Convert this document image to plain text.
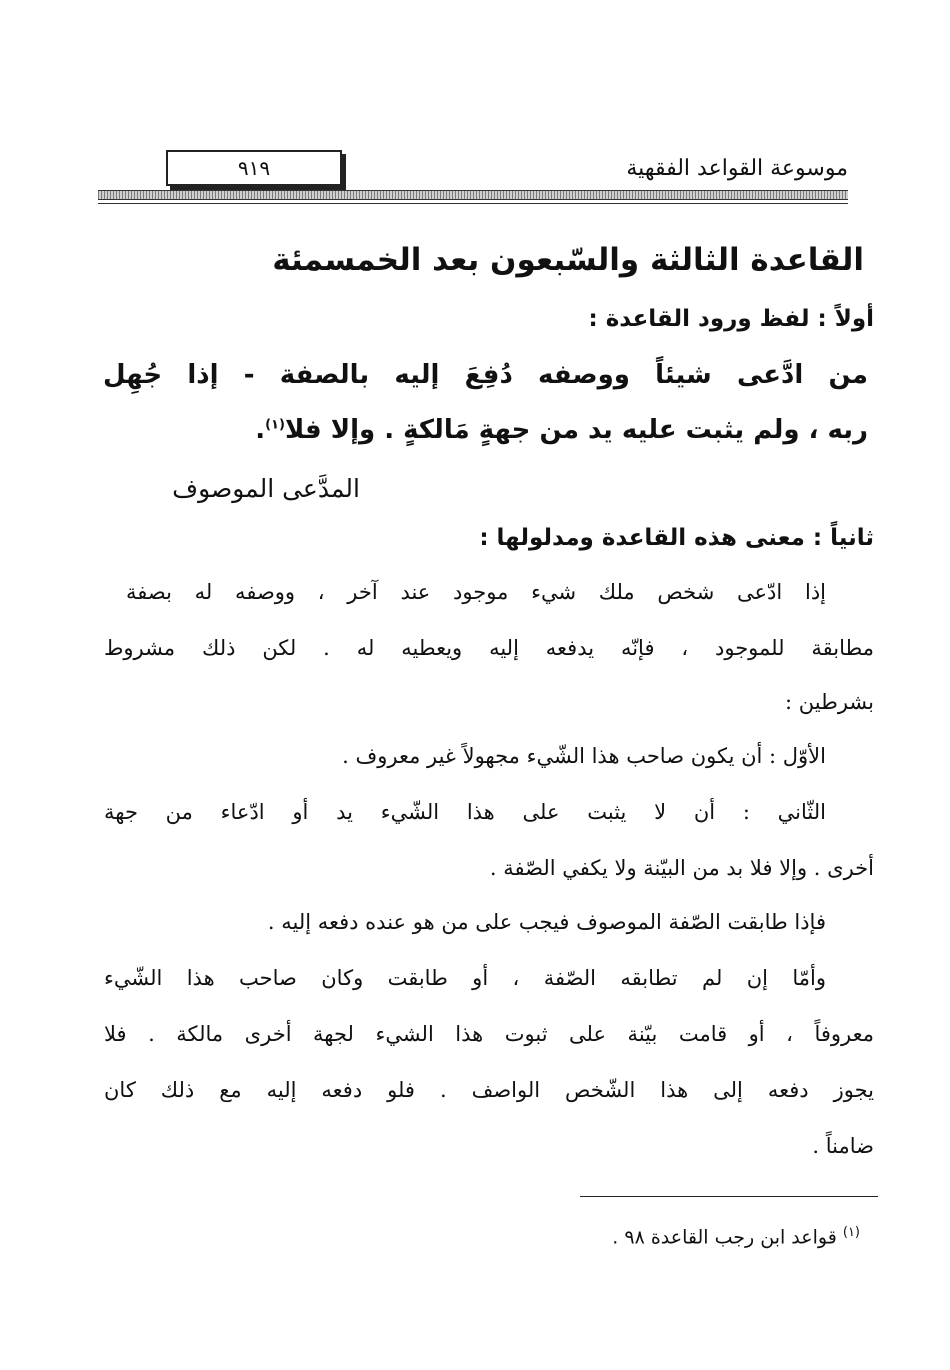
موسوعة القواعد الفقهية
٩١٩
القاعدة الثالثة والسّبعون بعد الخمسمئة
أولاً : لفظ ورود القاعدة :
من ادَّعى شيئاً ووصفه دُفِعَ إليه بالصفة - إذا جُهِل
ربه ، ولم يثبت عليه يد من جهةٍ مَالكةٍ . وإلا فلا$^{(١)}$.
المدَّعى الموصوف
ثانياً : معنى هذه القاعدة ومدلولها :
إذا ادّعى شخص ملك شيء موجود عند آخر ، ووصفه له بصفة
مطابقة للموجود ، فإنّه يدفعه إليه ويعطيه له . لكن ذلك مشروط
بشرطين :
الأوّل : أن يكون صاحب هذا الشّيء مجهولاً غير معروف .
الثّاني : أن لا يثبت على هذا الشّيء يد أو ادّعاء من جهة
أخرى . وإلا فلا بد من البيّنة ولا يكفي الصّفة .
فإذا طابقت الصّفة الموصوف فيجب على من هو عنده دفعه إليه .
وأمّا إن لم تطابقه الصّفة ، أو طابقت وكان صاحب هذا الشّيء
معروفاً ، أو قامت بيّنة على ثبوت هذا الشيء لجهة أخرى مالكة . فلا
يجوز دفعه إلى هذا الشّخص الواصف . فلو دفعه إليه مع ذلك كان
ضامناً .
$^{(١)}$ قواعد ابن رجب القاعدة ٩٨ .
